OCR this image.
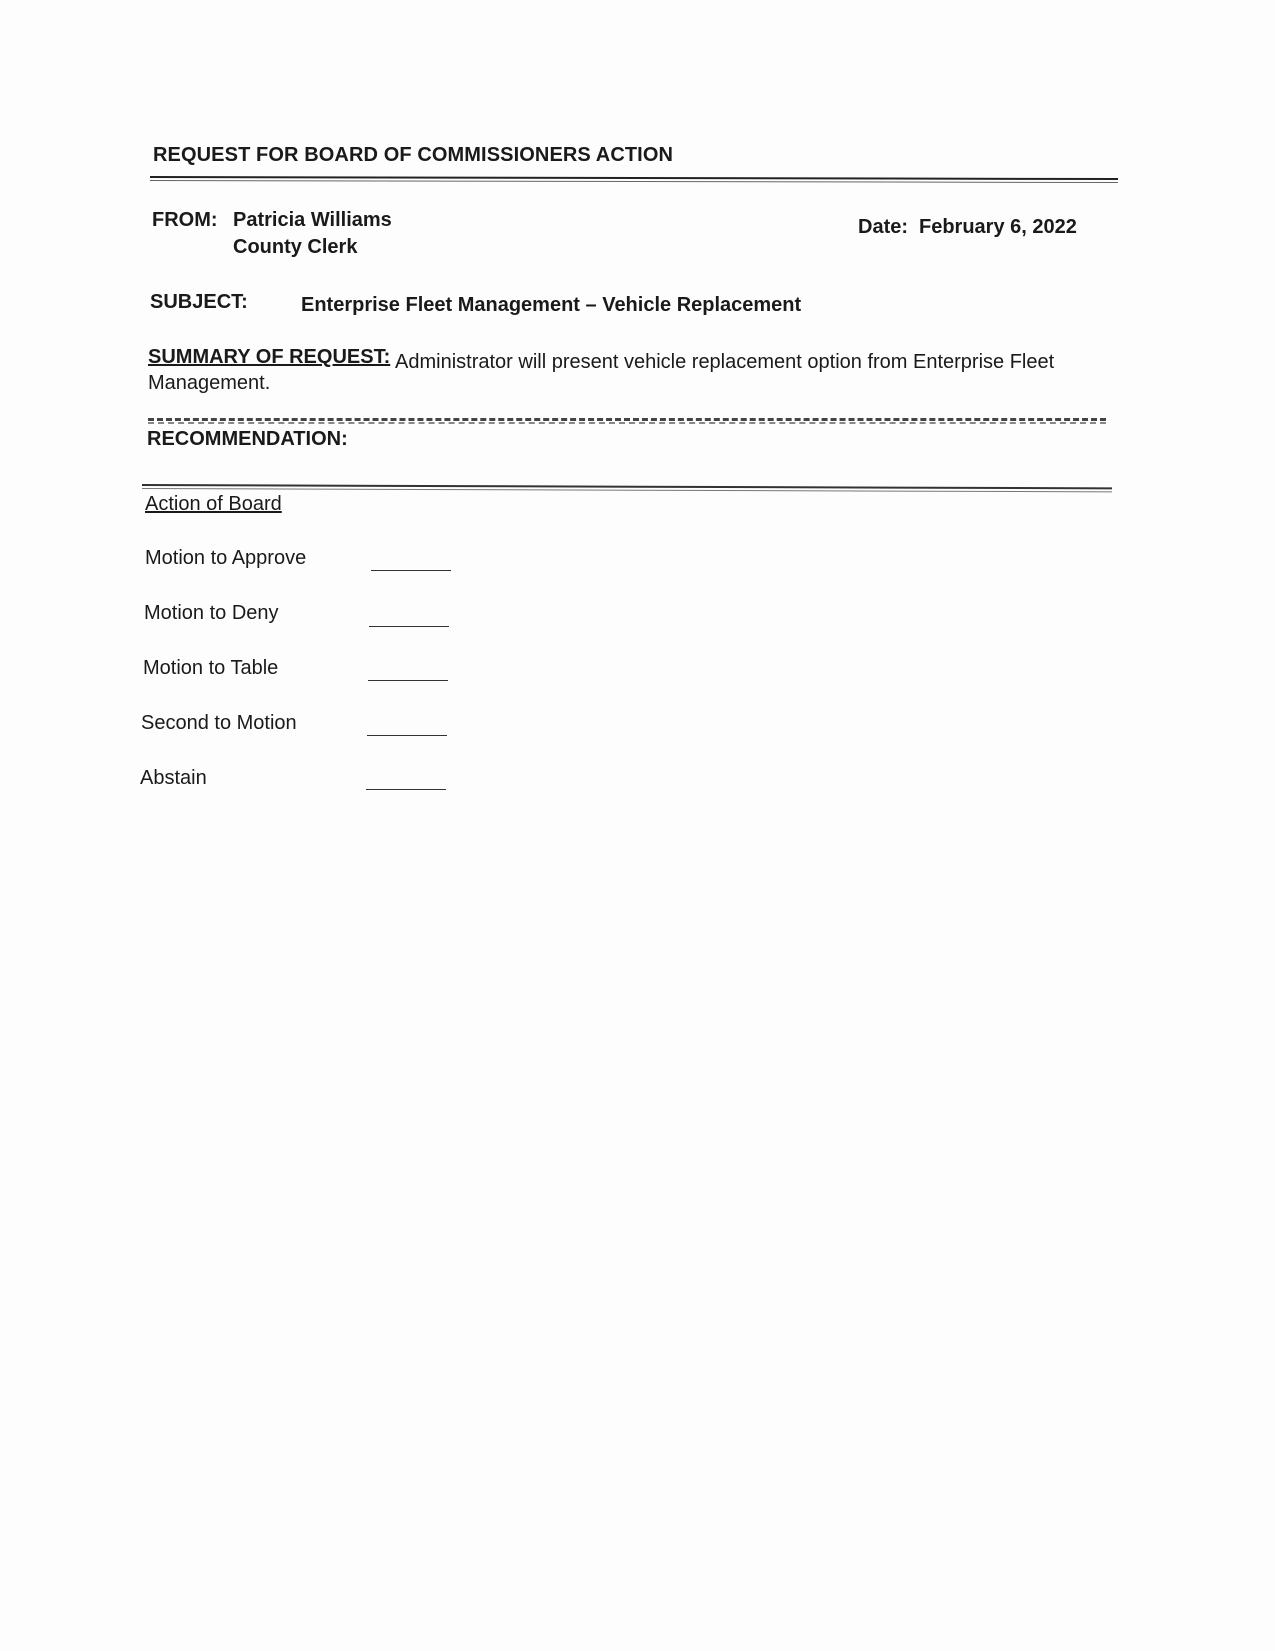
REQUEST FOR BOARD OF COMMISSIONERS ACTION
FROM: Patricia Williams
County Clerk
Date: February 6, 2022
SUBJECT:	Enterprise Fleet Management – Vehicle Replacement
SUMMARY OF REQUEST: Administrator will present vehicle replacement option from Enterprise Fleet
Management.
RECOMMENDATION:
Action of Board
Motion to Approve
Motion to Deny
Motion to Table
Second to Motion
Abstain
